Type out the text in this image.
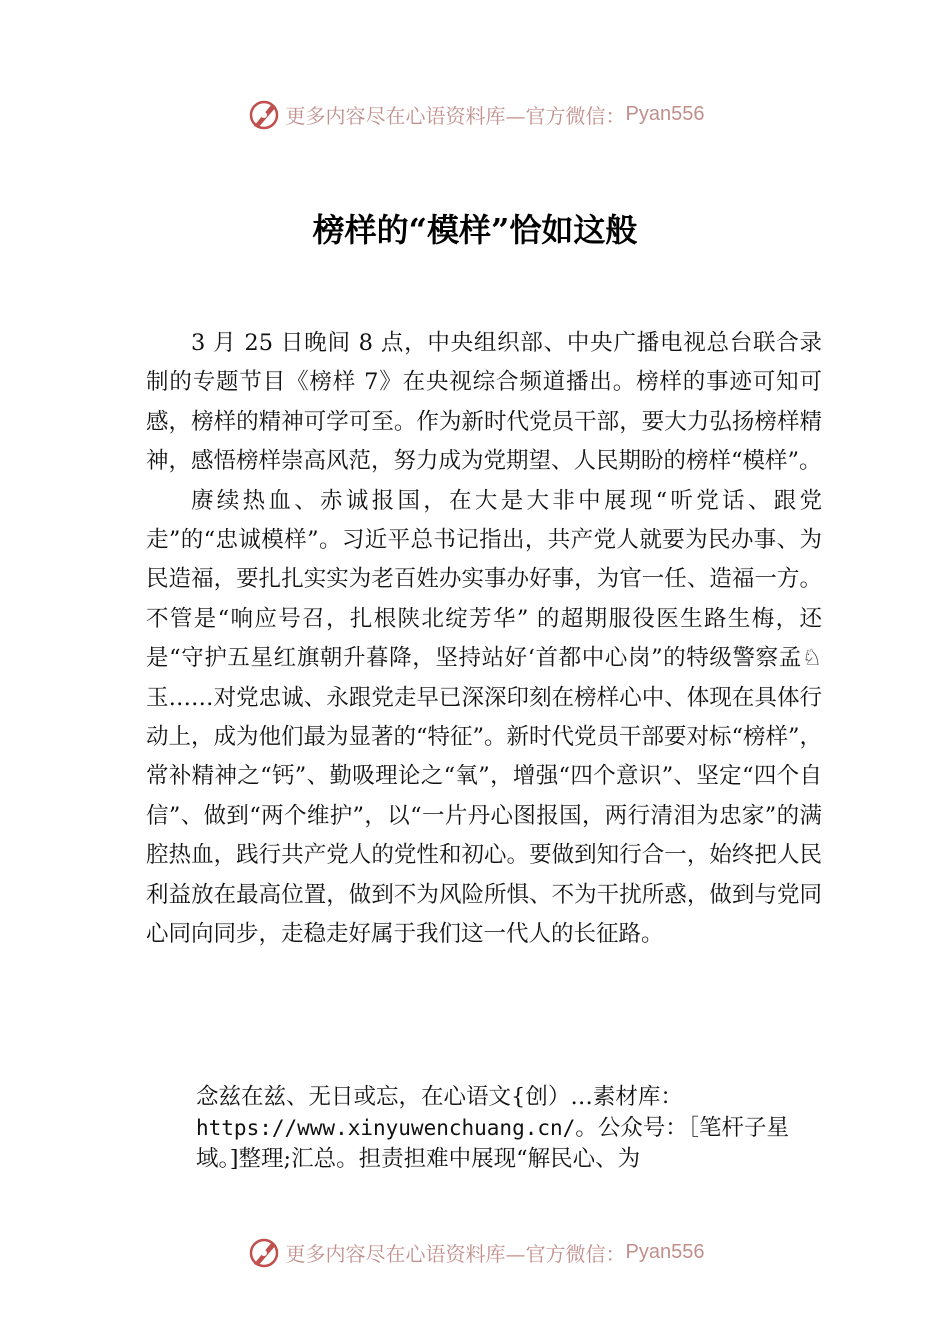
更多内容尽在心语资料库—官方微信： Pyan556
榜样的“模样”恰如这般

3 月 25 日晚间 8 点，中央组织部、中央广播电视总台联合录制的专题节目《榜样 7》在央视综合频道播出。榜样的事迹可知可感，榜样的精神可学可至。作为新时代党员干部，要大力弘扬榜样精神，感悟榜样崇高风范，努力成为党期望、人民期盼的榜样“模样”。

赓续热血、赤诚报国，在大是大非中展现“听党话、跟党走”的“忠诚模样”。习近平总书记指出，共产党人就要为民办事、为民造福，要扎扎实实为老百姓办实事办好事，为官一任、造福一方。不管是“响应号召，扎根陕北绽芳华” 的超期服役医生路生梅，还是“守护五星红旗朝升暮降，坚持站好‘首都中心岗”的特级警察孟♘玉……对党忠诚、永跟党走早已深深印刻在榜样心中、体现在具体行动上，成为他们最为显著的“特征”。新时代党员干部要对标“榜样”，常补精神之“钙”、勤吸理论之“氧”，增强“四个意识”、坚定“四个自信”、做到“两个维护”，以“一片丹心图报国，两行清泪为忠家”的满腔热血，践行共产党人的党性和初心。要做到知行合一，始终把人民利益放在最高位置，做到不为风险所惧、不为干扰所惑，做到与党同心同向同步，走稳走好属于我们这一代人的长征路。

念兹在兹、无日或忘，在心语文{创）…素材库：https://www.xinyuwenchuang.cn/。公众号：［笔杆子星域。]整理;汇总。担责担难中展现“解民心、为

更多内容尽在心语资料库—官方微信： Pyan556
